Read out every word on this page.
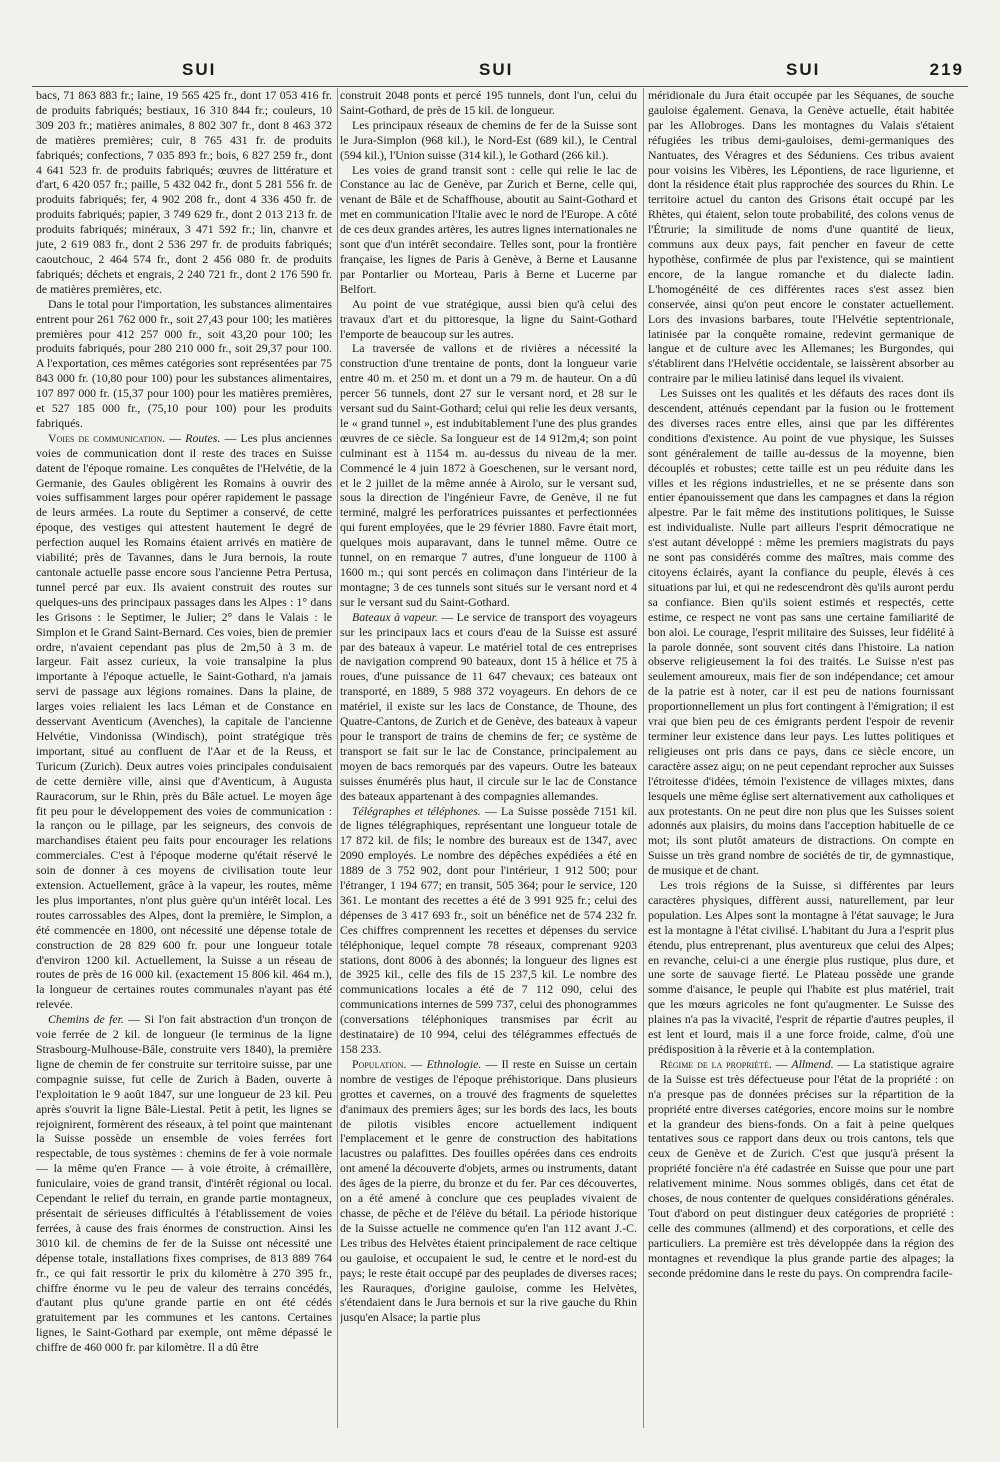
SUI	SUI	SUI	219

bacs, 71 863 883 fr.; laine, 19 565 425 fr., dont 17 053 416 fr. de produits fabriqués; bestiaux, 16 310 844 fr.; couleurs, 10 309 203 fr.; matières animales, 8 802 307 fr., dont 8 463 372 de matières premières; cuir, 8 765 431 fr. de produits fabriqués; confections, 7 035 893 fr.; bois, 6 827 259 fr., dont 4 641 523 fr. de produits fabriqués; œuvres de littérature et d'art, 6 420 057 fr.; paille, 5 432 042 fr., dont 5 281 556 fr. de produits fabriqués; fer, 4 902 208 fr., dont 4 336 450 fr. de produits fabriqués; papier, 3 749 629 fr., dont 2 013 213 fr. de produits fabriqués; minéraux, 3 471 592 fr.; lin, chanvre et jute, 2 619 083 fr., dont 2 536 297 fr. de produits fabriqués; caoutchouc, 2 464 574 fr., dont 2 456 080 fr. de produits fabriqués; déchets et engrais, 2 240 721 fr., dont 2 176 590 fr. de matières premières, etc.

Dans le total pour l'importation, les substances alimentaires entrent pour 261 762 000 fr., soit 27,43 pour 100; les matières premières pour 412 257 000 fr., soit 43,20 pour 100; les produits fabriqués, pour 280 210 000 fr., soit 29,37 pour 100. A l'exportation, ces mêmes catégories sont représentées par 75 843 000 fr. (10,80 pour 100) pour les substances alimentaires, 107 897 000 fr. (15,37 pour 100) pour les matières premières, et 527 185 000 fr., (75,10 pour 100) pour les produits fabriqués.

Voies de communication. — Routes. — Les plus anciennes voies de communication dont il reste des traces en Suisse datent de l'époque romaine. Les conquêtes de l'Helvétie, de la Germanie, des Gaules obligèrent les Romains à ouvrir des voies suffisamment larges pour opérer rapidement le passage de leurs armées. La route du Septimer a conservé, de cette époque, des vestiges qui attestent hautement le degré de perfection auquel les Romains étaient arrivés en matière de viabilité; près de Tavannes, dans le Jura bernois, la route cantonale actuelle passe encore sous l'ancienne Petra Pertusa, tunnel percé par eux. Ils avaient construit des routes sur quelques-uns des principaux passages dans les Alpes : 1° dans les Grisons : le Septimer, le Julier; 2° dans le Valais : le Simplon et le Grand Saint-Bernard. Ces voies, bien de premier ordre, n'avaient cependant pas plus de 2m,50 à 3 m. de largeur. Fait assez curieux, la voie transalpine la plus importante à l'époque actuelle, le Saint-Gothard, n'a jamais servi de passage aux légions romaines. Dans la plaine, de larges voies reliaient les lacs Léman et de Constance en desservant Aventicum (Avenches), la capitale de l'ancienne Helvétie, Vindonissa (Windisch), point stratégique très important, situé au confluent de l'Aar et de la Reuss, et Turicum (Zurich). Deux autres voies principales conduisaient de cette dernière ville, ainsi que d'Aventicum, à Augusta Rauracorum, sur le Rhin, près du Bâle actuel. Le moyen âge fit peu pour le développement des voies de communication : la rançon ou le pillage, par les seigneurs, des convois de marchandises étaient peu faits pour encourager les relations commerciales. C'est à l'époque moderne qu'était réservé le soin de donner à ces moyens de civilisation toute leur extension. Actuellement, grâce à la vapeur, les routes, même les plus importantes, n'ont plus guère qu'un intérêt local. Les routes carrossables des Alpes, dont la première, le Simplon, a été commencée en 1800, ont nécessité une dépense totale de construction de 28 829 600 fr. pour une longueur totale d'environ 1200 kil. Actuellement, la Suisse a un réseau de routes de près de 16 000 kil. (exactement 15 806 kil. 464 m.), la longueur de certaines routes communales n'ayant pas été relevée.

Chemins de fer. — Si l'on fait abstraction d'un tronçon de voie ferrée de 2 kil. de longueur (le terminus de la ligne Strasbourg-Mulhouse-Bâle, construite vers 1840), la première ligne de chemin de fer construite sur territoire suisse, par une compagnie suisse, fut celle de Zurich à Baden, ouverte à l'exploitation le 9 août 1847, sur une longueur de 23 kil. Peu après s'ouvrit la ligne Bâle-Liestal. Petit à petit, les lignes se rejoignirent, formèrent des réseaux, à tel point que maintenant la Suisse possède un ensemble de voies ferrées fort respectable, de tous systèmes : chemins de fer à voie normale — la même qu'en France — à voie étroite, à crémaillère, funiculaire, voies de grand transit, d'intérêt régional ou local. Cependant le relief du terrain, en grande partie montagneux, présentait de sérieuses difficultés à l'établissement de voies ferrées, à cause des frais énormes de construction. Ainsi les 3010 kil. de chemins de fer de la Suisse ont nécessité une dépense totale, installations fixes comprises, de 813 889 764 fr., ce qui fait ressortir le prix du kilomètre à 270 395 fr., chiffre énorme vu le peu de valeur des terrains concédés, d'autant plus qu'une grande partie en ont été cédés gratuitement par les communes et les cantons. Certaines lignes, le Saint-Gothard par exemple, ont même dépassé le chiffre de 460 000 fr. par kilomètre. Il a dû être

construit 2048 ponts et percé 195 tunnels, dont l'un, celui du Saint-Gothard, de près de 15 kil. de longueur.

Les principaux réseaux de chemins de fer de la Suisse sont le Jura-Simplon (968 kil.), le Nord-Est (689 kil.), le Central (594 kil.), l'Union suisse (314 kil.), le Gothard (266 kil.).

Les voies de grand transit sont : celle qui relie le lac de Constance au lac de Genève, par Zurich et Berne, celle qui, venant de Bâle et de Schaffhouse, aboutit au Saint-Gothard et met en communication l'Italie avec le nord de l'Europe. A côté de ces deux grandes artères, les autres lignes internationales ne sont que d'un intérêt secondaire. Telles sont, pour la frontière française, les lignes de Paris à Genève, à Berne et Lausanne par Pontarlier ou Morteau, Paris à Berne et Lucerne par Belfort.

Au point de vue stratégique, aussi bien qu'à celui des travaux d'art et du pittoresque, la ligne du Saint-Gothard l'emporte de beaucoup sur les autres.

La traversée de vallons et de rivières a nécessité la construction d'une trentaine de ponts, dont la longueur varie entre 40 m. et 250 m. et dont un a 79 m. de hauteur. On a dû percer 56 tunnels, dont 27 sur le versant nord, et 28 sur le versant sud du Saint-Gothard; celui qui relie les deux versants, le « grand tunnel », est indubitablement l'une des plus grandes œuvres de ce siècle. Sa longueur est de 14 912m,4; son point culminant est à 1154 m. au-dessus du niveau de la mer. Commencé le 4 juin 1872 à Goeschenen, sur le versant nord, et le 2 juillet de la même année à Airolo, sur le versant sud, sous la direction de l'ingénieur Favre, de Genève, il ne fut terminé, malgré les perforatrices puissantes et perfectionnées qui furent employées, que le 29 février 1880. Favre était mort, quelques mois auparavant, dans le tunnel même. Outre ce tunnel, on en remarque 7 autres, d'une longueur de 1100 à 1600 m.; qui sont percés en colimaçon dans l'intérieur de la montagne; 3 de ces tunnels sont situés sur le versant nord et 4 sur le versant sud du Saint-Gothard.

Bateaux à vapeur. — Le service de transport des voyageurs sur les principaux lacs et cours d'eau de la Suisse est assuré par des bateaux à vapeur. Le matériel total de ces entreprises de navigation comprend 90 bateaux, dont 15 à hélice et 75 à roues, d'une puissance de 11 647 chevaux; ces bateaux ont transporté, en 1889, 5 988 372 voyageurs. En dehors de ce matériel, il existe sur les lacs de Constance, de Thoune, des Quatre-Cantons, de Zurich et de Genève, des bateaux à vapeur pour le transport de trains de chemins de fer; ce système de transport se fait sur le lac de Constance, principalement au moyen de bacs remorqués par des vapeurs. Outre les bateaux suisses énumérés plus haut, il circule sur le lac de Constance des bateaux appartenant à des compagnies allemandes.

Télégraphes et téléphones. — La Suisse possède 7151 kil. de lignes télégraphiques, représentant une longueur totale de 17 872 kil. de fils; le nombre des bureaux est de 1347, avec 2090 employés. Le nombre des dépêches expédiées a été en 1889 de 3 752 902, dont pour l'intérieur, 1 912 500; pour l'étranger, 1 194 677; en transit, 505 364; pour le service, 120 361. Le montant des recettes a été de 3 991 925 fr.; celui des dépenses de 3 417 693 fr., soit un bénéfice net de 574 232 fr. Ces chiffres comprennent les recettes et dépenses du service téléphonique, lequel compte 78 réseaux, comprenant 9203 stations, dont 8006 à des abonnés; la longueur des lignes est de 3925 kil., celle des fils de 15 237,5 kil. Le nombre des communications locales a été de 7 112 090, celui des communications internes de 599 737, celui des phonogrammes (conversations téléphoniques transmises par écrit au destinataire) de 10 994, celui des télégrammes effectués de 158 233.

Population. — Ethnologie. — Il reste en Suisse un certain nombre de vestiges de l'époque préhistorique. Dans plusieurs grottes et cavernes, on a trouvé des fragments de squelettes d'animaux des premiers âges; sur les bords des lacs, les bouts de pilotis visibles encore actuellement indiquent l'emplacement et le genre de construction des habitations lacustres ou palafittes. Des fouilles opérées dans ces endroits ont amené la découverte d'objets, armes ou instruments, datant des âges de la pierre, du bronze et du fer. Par ces découvertes, on a été amené à conclure que ces peuplades vivaient de chasse, de pêche et de l'élève du bétail. La période historique de la Suisse actuelle ne commence qu'en l'an 112 avant J.-C. Les tribus des Helvètes étaient principalement de race celtique ou gauloise, et occupaient le sud, le centre et le nord-est du pays; le reste était occupé par des peuplades de diverses races; les Rauraques, d'origine gauloise, comme les Helvètes, s'étendaient dans le Jura bernois et sur la rive gauche du Rhin jusqu'en Alsace; la partie plus

méridionale du Jura était occupée par les Séquanes, de souche gauloise également. Genava, la Genève actuelle, était habitée par les Allobroges. Dans les montagnes du Valais s'étaient réfugiées les tribus demi-gauloises, demi-germaniques des Nantuates, des Véragres et des Séduniens. Ces tribus avaient pour voisins les Vibères, les Lépontiens, de race ligurienne, et dont la résidence était plus rapprochée des sources du Rhin. Le territoire actuel du canton des Grisons était occupé par les Rhètes, qui étaient, selon toute probabilité, des colons venus de l'Étrurie; la similitude de noms d'une quantité de lieux, communs aux deux pays, fait pencher en faveur de cette hypothèse, confirmée de plus par l'existence, qui se maintient encore, de la langue romanche et du dialecte ladin. L'homogénéité de ces différentes races s'est assez bien conservée, ainsi qu'on peut encore le constater actuellement. Lors des invasions barbares, toute l'Helvétie septentrionale, latinisée par la conquête romaine, redevint germanique de langue et de culture avec les Allemanes; les Burgondes, qui s'établirent dans l'Helvétie occidentale, se laissèrent absorber au contraire par le milieu latinisé dans lequel ils vivaient.

Les Suisses ont les qualités et les défauts des races dont ils descendent, atténués cependant par la fusion ou le frottement des diverses races entre elles, ainsi que par les différentes conditions d'existence. Au point de vue physique, les Suisses sont généralement de taille au-dessus de la moyenne, bien découplés et robustes; cette taille est un peu réduite dans les villes et les régions industrielles, et ne se présente dans son entier épanouissement que dans les campagnes et dans la région alpestre. Par le fait même des institutions politiques, le Suisse est individualiste. Nulle part ailleurs l'esprit démocratique ne s'est autant développé : même les premiers magistrats du pays ne sont pas considérés comme des maîtres, mais comme des citoyens éclairés, ayant la confiance du peuple, élevés à ces situations par lui, et qui ne redescendront dès qu'ils auront perdu sa confiance. Bien qu'ils soient estimés et respectés, cette estime, ce respect ne vont pas sans une certaine familiarité de bon aloi. Le courage, l'esprit militaire des Suisses, leur fidélité à la parole donnée, sont souvent cités dans l'histoire. La nation observe religieusement la foi des traités. Le Suisse n'est pas seulement amoureux, mais fier de son indépendance; cet amour de la patrie est à noter, car il est peu de nations fournissant proportionnellement un plus fort contingent à l'émigration; il est vrai que bien peu de ces émigrants perdent l'espoir de revenir terminer leur existence dans leur pays. Les luttes politiques et religieuses ont pris dans ce pays, dans ce siècle encore, un caractère assez aigu; on ne peut cependant reprocher aux Suisses l'étroitesse d'idées, témoin l'existence de villages mixtes, dans lesquels une même église sert alternativement aux catholiques et aux protestants. On ne peut dire non plus que les Suisses soient adonnés aux plaisirs, du moins dans l'acception habituelle de ce mot; ils sont plutôt amateurs de distractions. On compte en Suisse un très grand nombre de sociétés de tir, de gymnastique, de musique et de chant.

Les trois régions de la Suisse, si différentes par leurs caractères physiques, diffèrent aussi, naturellement, par leur population. Les Alpes sont la montagne à l'état sauvage; le Jura est la montagne à l'état civilisé. L'habitant du Jura a l'esprit plus étendu, plus entreprenant, plus aventureux que celui des Alpes; en revanche, celui-ci a une énergie plus rustique, plus dure, et une sorte de sauvage fierté. Le Plateau possède une grande somme d'aisance, le peuple qui l'habite est plus matériel, trait que les mœurs agricoles ne font qu'augmenter. Le Suisse des plaines n'a pas la vivacité, l'esprit de répartie d'autres peuples, il est lent et lourd, mais il a une force froide, calme, d'où une prédisposition à la rêverie et à la contemplation.

Régime de la propriété. — Allmend. — La statistique agraire de la Suisse est très défectueuse pour l'état de la propriété : on n'a presque pas de données précises sur la répartition de la propriété entre diverses catégories, encore moins sur le nombre et la grandeur des biens-fonds. On a fait à peine quelques tentatives sous ce rapport dans deux ou trois cantons, tels que ceux de Genève et de Zurich. C'est que jusqu'à présent la propriété foncière n'a été cadastrée en Suisse que pour une part relativement minime. Nous sommes obligés, dans cet état de choses, de nous contenter de quelques considérations générales. Tout d'abord on peut distinguer deux catégories de propriété : celle des communes (allmend) et des corporations, et celle des particuliers. La première est très développée dans la région des montagnes et revendique la plus grande partie des alpages; la seconde prédomine dans le reste du pays. On comprendra facile-
